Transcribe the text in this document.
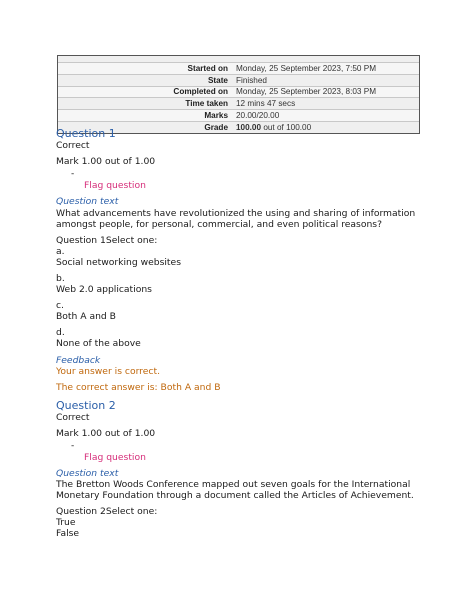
Started on Monday, 25 September 2023, 7:50 PM
State Finished
Completed on Monday, 25 September 2023, 8:03 PM
Time taken 12 mins 47 secs
Marks 20.00/20.00
Grade 100.00 out of 100.00
Question 1
Correct
Mark 1.00 out of 1.00
-
Flag question
Question text
What advancements have revolutionized the using and sharing of information
amongst people, for personal, commercial, and even political reasons?
Question 1Select one:
a.
Social networking websites
b.
Web 2.0 applications
c.
Both A and B
d.
None of the above
Feedback
Your answer is correct.
The correct answer is: Both A and B
Question 2
Correct
Mark 1.00 out of 1.00
-
Flag question
Question text
The Bretton Woods Conference mapped out seven goals for the International
Monetary Foundation through a document called the Articles of Achievement.
Question 2Select one:
True
False
